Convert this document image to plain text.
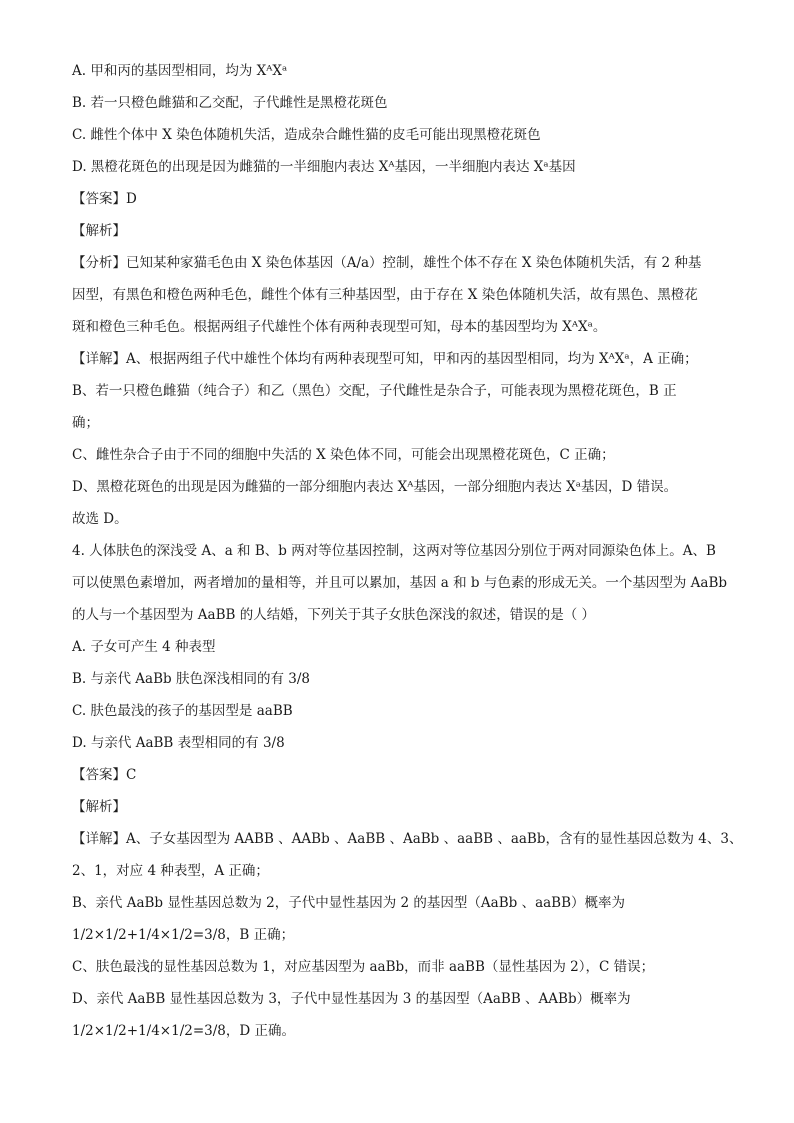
A. 甲和丙的基因型相同，均为 XᴬXᵃ
B. 若一只橙色雌猫和乙交配，子代雌性是黑橙花斑色
C. 雌性个体中 X 染色体随机失活，造成杂合雌性猫的皮毛可能出现黑橙花斑色
D. 黑橙花斑色的出现是因为雌猫的一半细胞内表达 Xᴬ基因，一半细胞内表达 Xᵃ基因
【答案】D
【解析】
【分析】已知某种家猫毛色由 X 染色体基因（A/a）控制，雄性个体不存在 X 染色体随机失活，有 2 种基
因型，有黑色和橙色两种毛色，雌性个体有三种基因型，由于存在 X 染色体随机失活，故有黑色、黑橙花
斑和橙色三种毛色。根据两组子代雄性个体有两种表现型可知，母本的基因型均为 XᴬXᵃ。
【详解】A、根据两组子代中雄性个体均有两种表现型可知，甲和丙的基因型相同，均为 XᴬXᵃ，A 正确；
B、若一只橙色雌猫（纯合子）和乙（黑色）交配，子代雌性是杂合子，可能表现为黑橙花斑色，B 正
确；
C、雌性杂合子由于不同的细胞中失活的 X 染色体不同，可能会出现黑橙花斑色，C 正确；
D、黑橙花斑色的出现是因为雌猫的一部分细胞内表达 Xᴬ基因，一部分细胞内表达 Xᵃ基因，D 错误。
故选 D。
4. 人体肤色的深浅受 A、a 和 B、b 两对等位基因控制，这两对等位基因分别位于两对同源染色体上。A、B
可以使黑色素增加，两者增加的量相等，并且可以累加，基因 a 和 b 与色素的形成无关。一个基因型为 AaBb
的人与一个基因型为 AaBB 的人结婚，下列关于其子女肤色深浅的叙述，错误的是（ ）
A. 子女可产生 4 种表型
B. 与亲代 AaBb 肤色深浅相同的有 3/8
C. 肤色最浅的孩子的基因型是 aaBB
D. 与亲代 AaBB 表型相同的有 3/8
【答案】C
【解析】
【详解】A、子女基因型为 AABB 、AABb 、AaBB 、AaBb 、aaBB 、aaBb，含有的显性基因总数为 4、3、
2、1，对应 4 种表型，A 正确；
B、亲代 AaBb 显性基因总数为 2，子代中显性基因为 2 的基因型（AaBb 、aaBB）概率为
1/2×1/2+1/4×1/2=3/8，B 正确；
C、肤色最浅的显性基因总数为 1，对应基因型为 aaBb，而非 aaBB（显性基因为 2），C 错误；
D、亲代 AaBB 显性基因总数为 3，子代中显性基因为 3 的基因型（AaBB 、AABb）概率为
1/2×1/2+1/4×1/2=3/8，D 正确。
